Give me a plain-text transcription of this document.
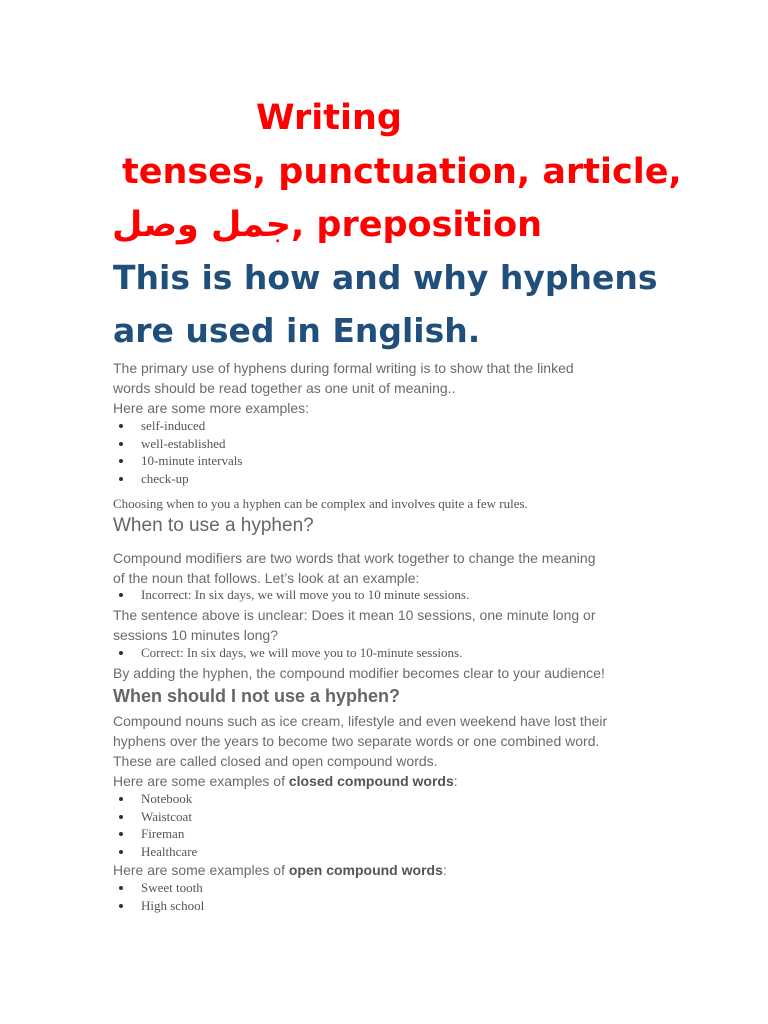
Writing
tenses, punctuation, article,
جمل وصل, preposition
This is how and why hyphens
are used in English.
The primary use of hyphens during formal writing is to show that the linked
words should be read together as one unit of meaning..
Here are some more examples:
self-induced
well-established
10-minute intervals
check-up
Choosing when to you a hyphen can be complex and involves quite a few rules.
When to use a hyphen?
Compound modifiers are two words that work together to change the meaning
of the noun that follows. Let’s look at an example:
Incorrect: In six days, we will move you to 10 minute sessions.
The sentence above is unclear: Does it mean 10 sessions, one minute long or
sessions 10 minutes long?
Correct: In six days, we will move you to 10-minute sessions.
By adding the hyphen, the compound modifier becomes clear to your audience!
When should I not use a hyphen?
Compound nouns such as ice cream, lifestyle and even weekend have lost their
hyphens over the years to become two separate words or one combined word.
These are called closed and open compound words.
Here are some examples of closed compound words:
Notebook
Waistcoat
Fireman
Healthcare
Here are some examples of open compound words:
Sweet tooth
High school
